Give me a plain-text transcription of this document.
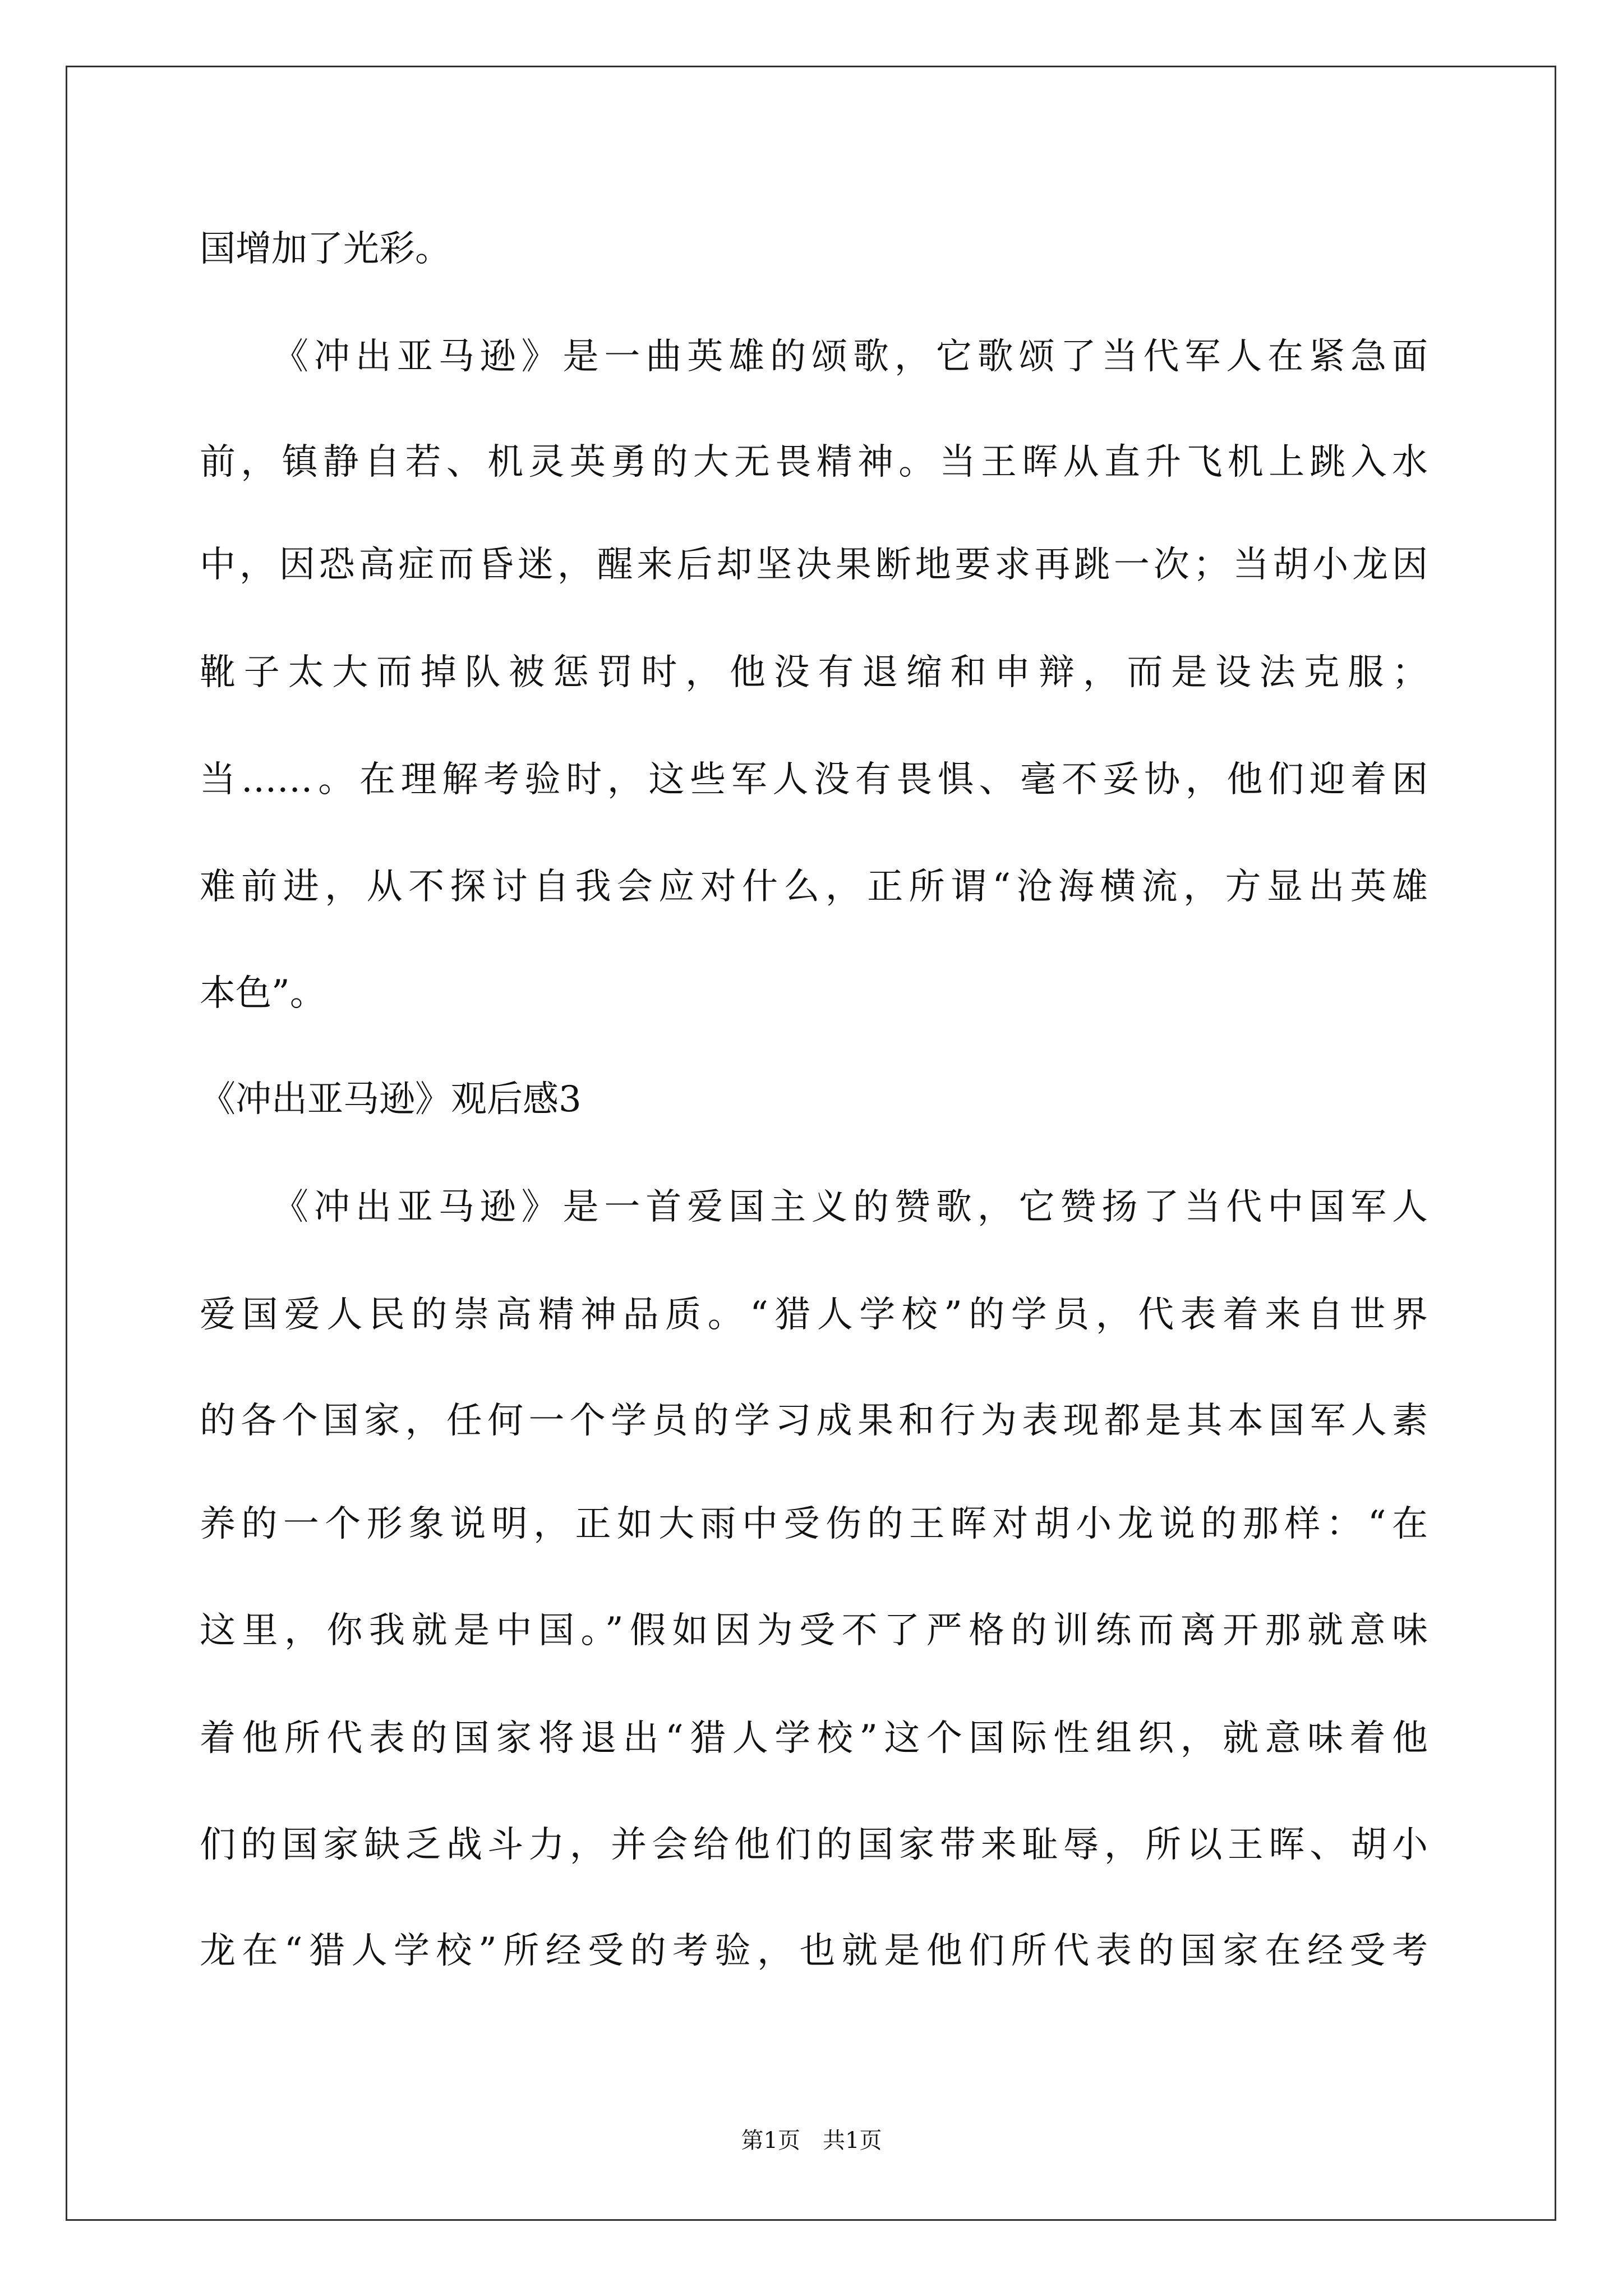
国增加了光彩。
《冲出亚马逊》是一曲英雄的颂歌，它歌颂了当代军人在紧急面
前，镇静自若、机灵英勇的大无畏精神。当王晖从直升飞机上跳入水
中，因恐高症而昏迷，醒来后却坚决果断地要求再跳一次；当胡小龙因
靴子太大而掉队被惩罚时，他没有退缩和申辩，而是设法克服；
当……。在理解考验时，这些军人没有畏惧、毫不妥协，他们迎着困
难前进，从不探讨自我会应对什么，正所谓“沧海横流，方显出英雄
本色”。
《冲出亚马逊》观后感3
《冲出亚马逊》是一首爱国主义的赞歌，它赞扬了当代中国军人
爱国爱人民的崇高精神品质。“猎人学校”的学员，代表着来自世界
的各个国家，任何一个学员的学习成果和行为表现都是其本国军人素
养的一个形象说明，正如大雨中受伤的王晖对胡小龙说的那样：“在
这里，你我就是中国。”假如因为受不了严格的训练而离开那就意味
着他所代表的国家将退出“猎人学校”这个国际性组织，就意味着他
们的国家缺乏战斗力，并会给他们的国家带来耻辱，所以王晖、胡小
龙在“猎人学校”所经受的考验，也就是他们所代表的国家在经受考
第1页　共1页
